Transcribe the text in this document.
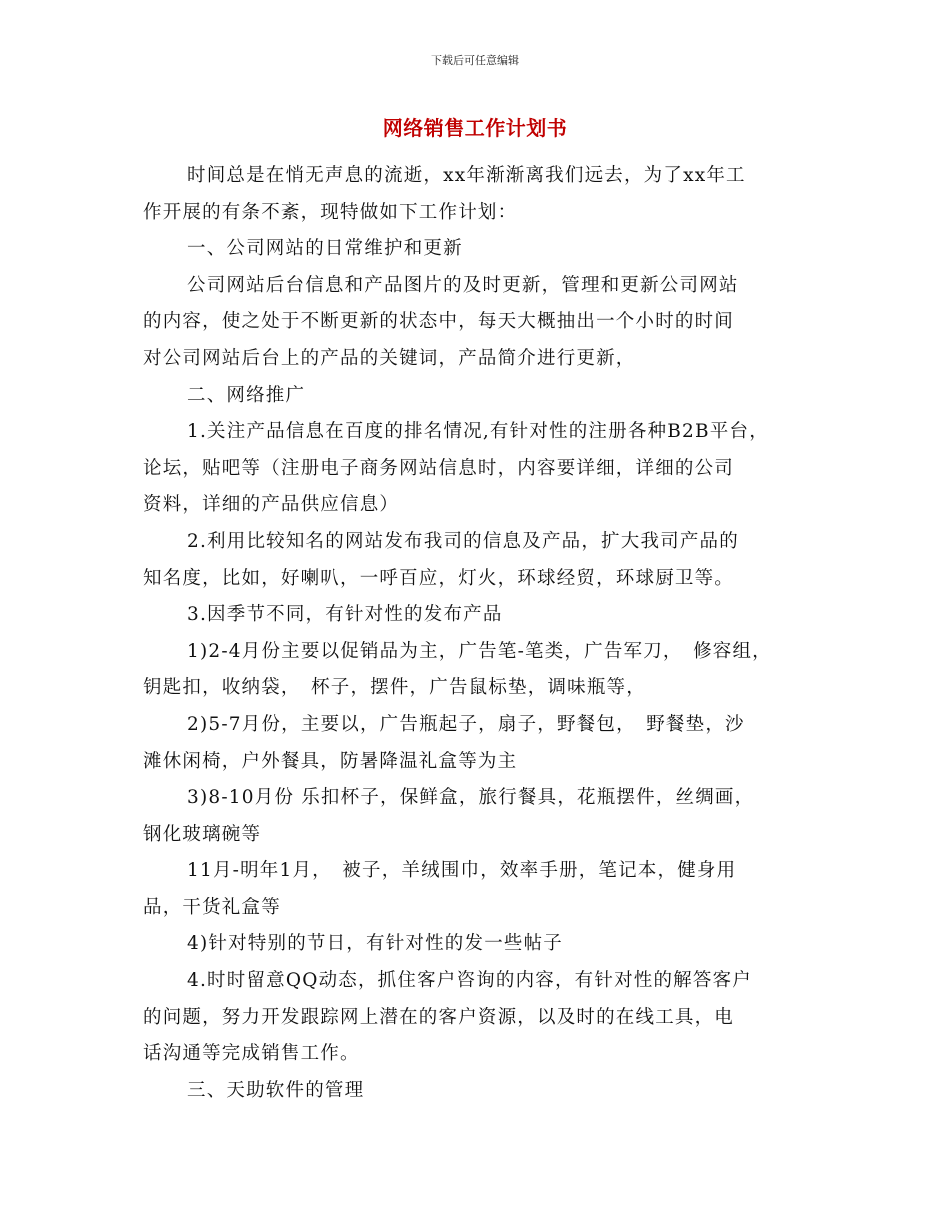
下载后可任意编辑
网络销售工作计划书
时间总是在悄无声息的流逝，xx年渐渐离我们远去，为了xx年工
作开展的有条不紊，现特做如下工作计划：
一、公司网站的日常维护和更新
公司网站后台信息和产品图片的及时更新，管理和更新公司网站
的内容，使之处于不断更新的状态中，每天大概抽出一个小时的时间
对公司网站后台上的产品的关键词，产品简介进行更新，
二、网络推广
1.关注产品信息在百度的排名情况,有针对性的注册各种B2B平台，
论坛，贴吧等（注册电子商务网站信息时，内容要详细，详细的公司
资料，详细的产品供应信息）
2.利用比较知名的网站发布我司的信息及产品，扩大我司产品的
知名度，比如，好喇叭，一呼百应，灯火，环球经贸，环球厨卫等。
3.因季节不同，有针对性的发布产品
1)2-4月份主要以促销品为主，广告笔-笔类，广告军刀，　修容组，
钥匙扣，收纳袋，　杯子，摆件，广告鼠标垫，调味瓶等，
2)5-7月份，主要以，广告瓶起子，扇子，野餐包，　野餐垫，沙
滩休闲椅，户外餐具，防暑降温礼盒等为主
3)8-10月份 乐扣杯子，保鲜盒，旅行餐具，花瓶摆件，丝绸画，
钢化玻璃碗等
11月-明年1月，　被子，羊绒围巾，效率手册，笔记本，健身用
品，干货礼盒等
4)针对特别的节日，有针对性的发一些帖子
4.时时留意QQ动态，抓住客户咨询的内容，有针对性的解答客户
的问题，努力开发跟踪网上潜在的客户资源，以及时的在线工具，电
话沟通等完成销售工作。
三、天助软件的管理
